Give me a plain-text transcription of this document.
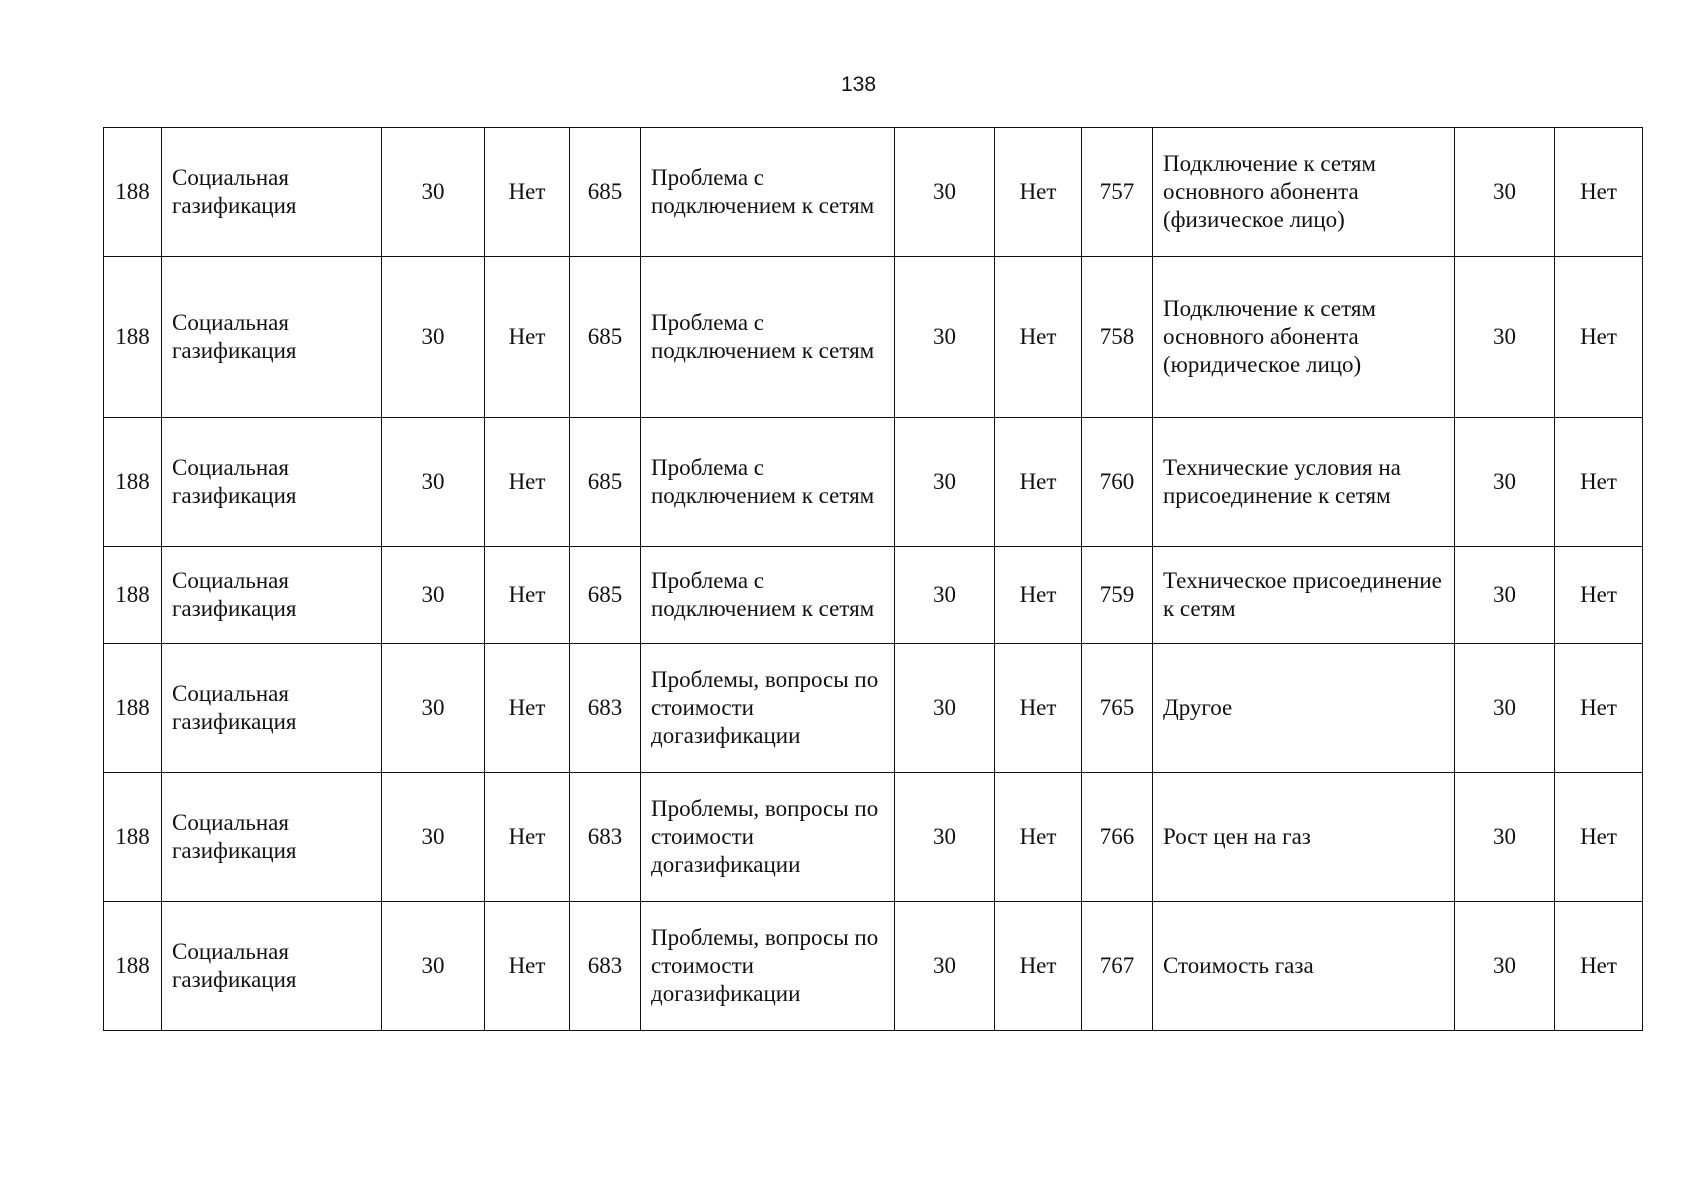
138
188	Социальная газификация	30	Нет	685	Проблема с подключением к сетям	30	Нет	757	Подключение к сетям основного абонента (физическое лицо)	30	Нет
188	Социальная газификация	30	Нет	685	Проблема с подключением к сетям	30	Нет	758	Подключение к сетям основного абонента (юридическое лицо)	30	Нет
188	Социальная газификация	30	Нет	685	Проблема с подключением к сетям	30	Нет	760	Технические условия на присоединение к сетям	30	Нет
188	Социальная газификация	30	Нет	685	Проблема с подключением к сетям	30	Нет	759	Техническое присоединение к сетям	30	Нет
188	Социальная газификация	30	Нет	683	Проблемы, вопросы по стоимости догазификации	30	Нет	765	Другое	30	Нет
188	Социальная газификация	30	Нет	683	Проблемы, вопросы по стоимости догазификации	30	Нет	766	Рост цен на газ	30	Нет
188	Социальная газификация	30	Нет	683	Проблемы, вопросы по стоимости догазификации	30	Нет	767	Стоимость газа	30	Нет
